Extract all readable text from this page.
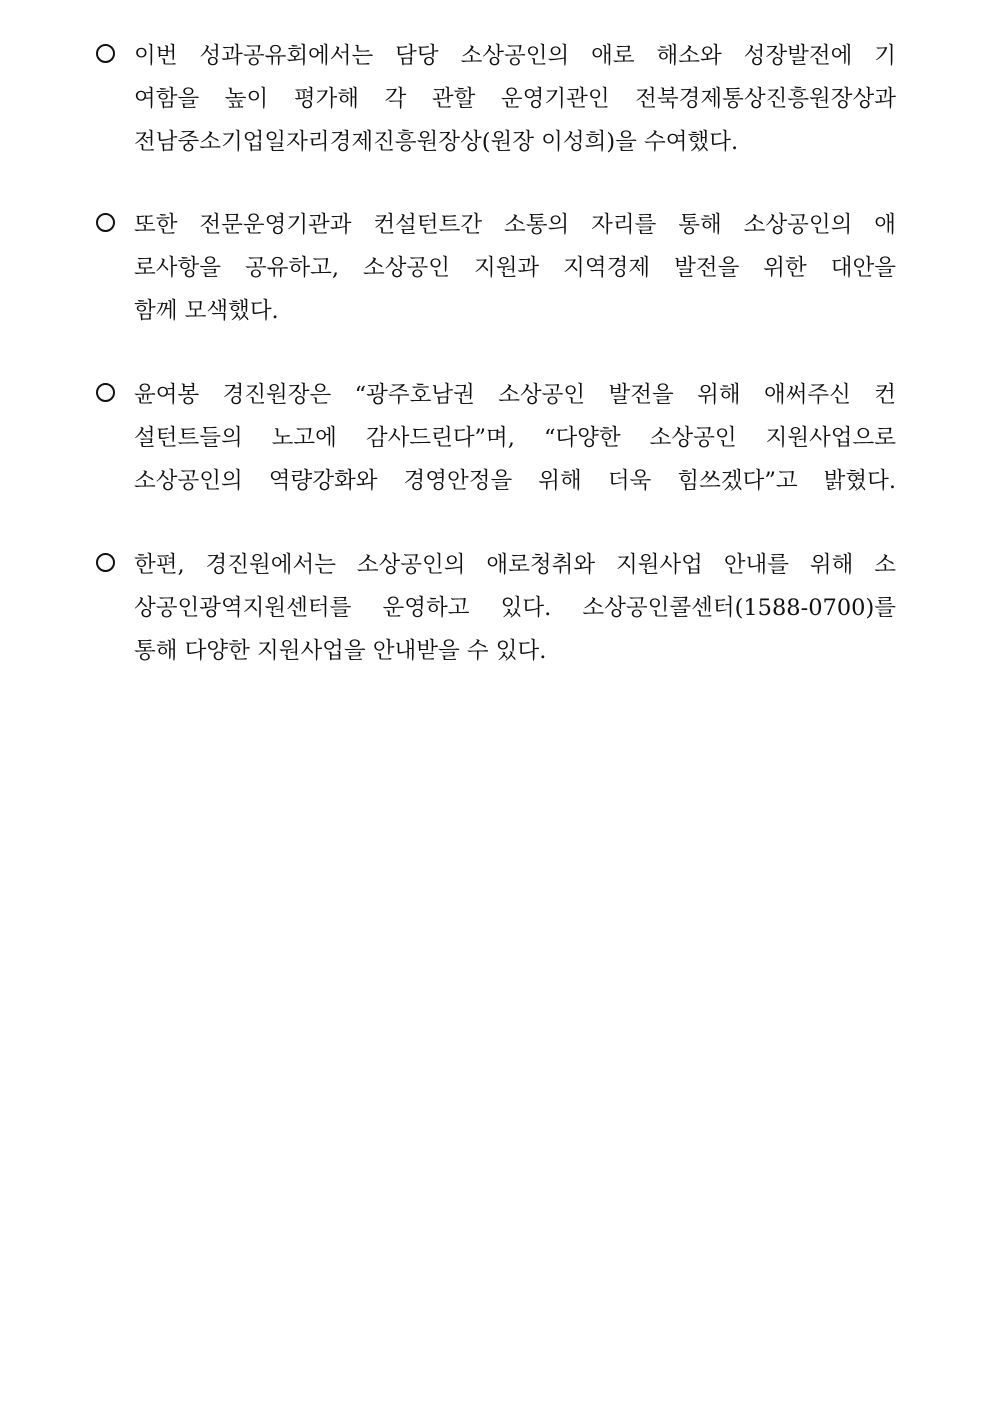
이번 성과공유회에서는 담당 소상공인의 애로 해소와 성장발전에 기
여함을 높이 평가해 각 관할 운영기관인 전북경제통상진흥원장상과
전남중소기업일자리경제진흥원장상(원장 이성희)을 수여했다.
또한 전문운영기관과 컨설턴트간 소통의 자리를 통해 소상공인의 애
로사항을 공유하고, 소상공인 지원과 지역경제 발전을 위한 대안을
함께 모색했다.
윤여봉 경진원장은 “광주호남권 소상공인 발전을 위해 애써주신 컨
설턴트들의 노고에 감사드린다”며, “다양한 소상공인 지원사업으로
소상공인의 역량강화와 경영안정을 위해 더욱 힘쓰겠다”고 밝혔다.
한편, 경진원에서는 소상공인의 애로청취와 지원사업 안내를 위해 소
상공인광역지원센터를 운영하고 있다. 소상공인콜센터(1588-0700)를
통해 다양한 지원사업을 안내받을 수 있다.
